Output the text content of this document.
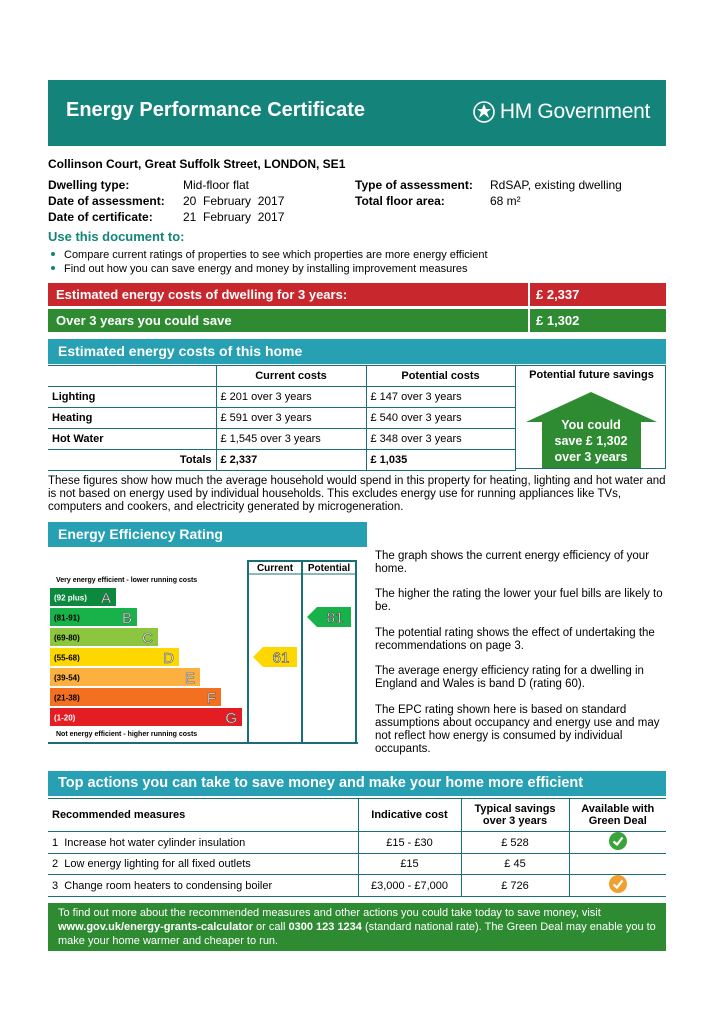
Energy Performance Certificate	HM Government
Collinson Court, Great Suffolk Street, LONDON, SE1
Dwelling type:	Mid-floor flat
Date of assessment: 20  February  2017
Date of certificate:	21  February  2017
Type of assessment: RdSAP, existing dwelling
Total floor area:	68 m²
Use this document to:
Compare current ratings of properties to see which properties are more energy efficient
Find out how you can save energy and money by installing improvement measures
Estimated energy costs of dwelling for 3 years:	£ 2,337
Over 3 years you could save	£ 1,302
Estimated energy costs of this home
	Current costs	Potential costs
Lighting	£ 201 over 3 years	£ 147 over 3 years
Heating	£ 591 over 3 years	£ 540 over 3 years
Hot Water	£ 1,545 over 3 years	£ 348 over 3 years
Totals	£ 2,337	£ 1,035
Potential future savings
You could
save £ 1,302
over 3 years
These figures show how much the average household would spend in this property for heating, lighting and hot water and is not based on energy used by individual households. This excludes energy use for running appliances like TVs, computers and cookers, and electricity generated by microgeneration.
Energy Efficiency Rating
Current Potential
Very energy efficient - lower running costs
Not energy efficient - higher running costs
(92 plus) A
(81-91)	B
(69-80)	C
(55-68)	D
(39-54)	E
(21-38)	F
(1-20)	G
61
81
The graph shows the current energy efficiency of your home.
The higher the rating the lower your fuel bills are likely to be.
The potential rating shows the effect of undertaking the recommendations on page 3.
The average energy efficiency rating for a dwelling in England and Wales is band D (rating 60).
The EPC rating shown here is based on standard assumptions about occupancy and energy use and may not reflect how energy is consumed by individual occupants.
Top actions you can take to save money and make your home more efficient
Recommended measures	Indicative cost	Typical savings over 3 years	Available with Green Deal
1 Increase hot water cylinder insulation	£15 - £30	£ 528	
2 Low energy lighting for all fixed outlets	£15	£ 45	
3 Change room heaters to condensing boiler	£3,000 - £7,000	£ 726	
To find out more about the recommended measures and other actions you could take today to save money, visit
www.gov.uk/energy-grants-calculator or call 0300 123 1234 (standard national rate). The Green Deal may enable you to
make your home warmer and cheaper to run.
